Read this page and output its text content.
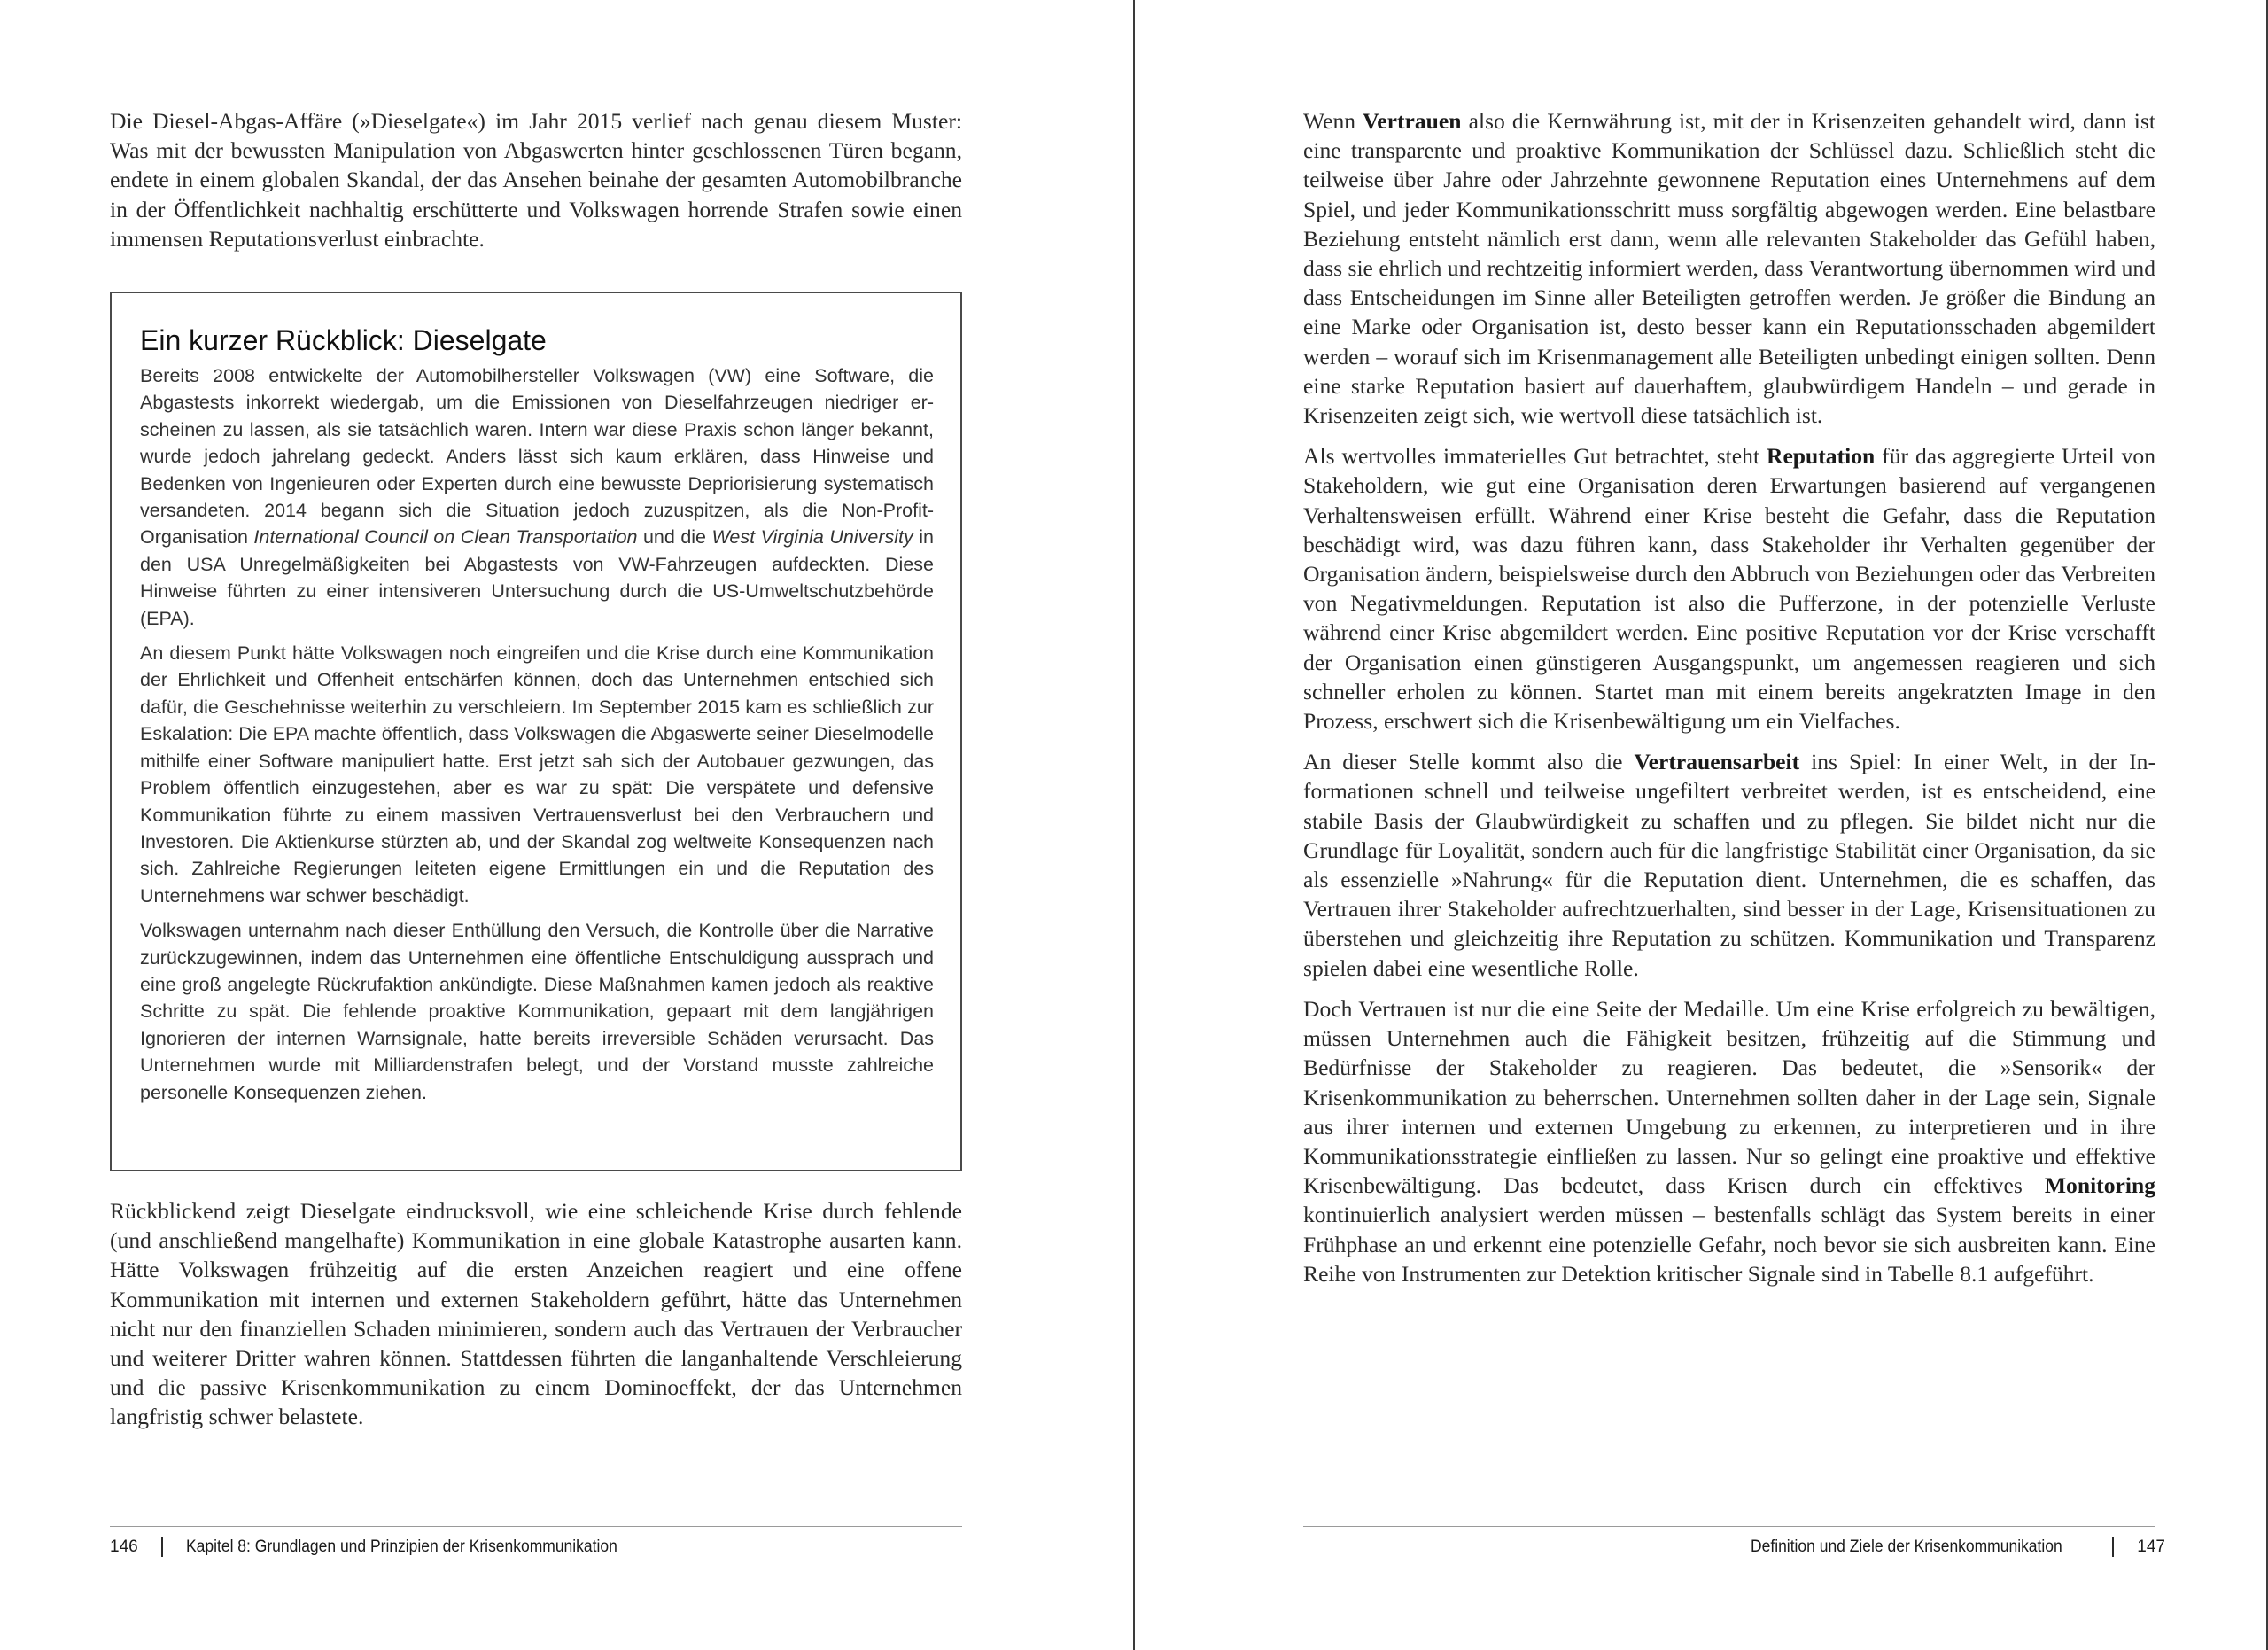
Die Diesel-Abgas-Affäre (»Dieselgate«) im Jahr 2015 verlief nach genau diesem Muster: Was mit der bewussten Manipulation von Abgaswerten hinter geschlossenen Türen begann, endete in einem globalen Skandal, der das Ansehen beinahe der gesamten Automobilbranche in der Öffentlichkeit nachhaltig erschütterte und Volkswagen horrende Strafen sowie einen immensen Reputationsverlust einbrachte.

Ein kurzer Rückblick: Dieselgate

Bereits 2008 entwickelte der Automobilhersteller Volkswagen (VW) eine Software, die Abgastests inkorrekt wiedergab, um die Emissionen von Dieselfahrzeugen niedriger erscheinen zu lassen, als sie tatsächlich waren. Intern war diese Praxis schon länger bekannt, wurde jedoch jahrelang gedeckt. Anders lässt sich kaum erklären, dass Hinweise und Bedenken von Ingenieuren oder Experten durch eine bewusste Depriorisierung systematisch versandeten. 2014 begann sich die Situation jedoch zuzuspitzen, als die Non-Profit-Organisation International Council on Clean Transportation und die West Virginia University in den USA Unregelmäßigkeiten bei Abgastests von VW-Fahrzeugen aufdeckten. Diese Hinweise führten zu einer intensiveren Untersuchung durch die US-Umweltschutzbehörde (EPA).

An diesem Punkt hätte Volkswagen noch eingreifen und die Krise durch eine Kommunikation der Ehrlichkeit und Offenheit entschärfen können, doch das Unternehmen entschied sich dafür, die Geschehnisse weiterhin zu verschleiern. Im September 2015 kam es schließlich zur Eskalation: Die EPA machte öffentlich, dass Volkswagen die Abgaswerte seiner Dieselmodelle mithilfe einer Software manipuliert hatte. Erst jetzt sah sich der Autobauer gezwungen, das Problem öffentlich einzugestehen, aber es war zu spät: Die verspätete und defensive Kommunikation führte zu einem massiven Vertrauensverlust bei den Verbrauchern und Investoren. Die Aktienkurse stürzten ab, und der Skandal zog weltweite Konsequenzen nach sich. Zahlreiche Regierungen leiteten eigene Ermittlungen ein und die Reputation des Unternehmens war schwer beschädigt.

Volkswagen unternahm nach dieser Enthüllung den Versuch, die Kontrolle über die Narrative zurückzugewinnen, indem das Unternehmen eine öffentliche Entschuldigung aussprach und eine groß angelegte Rückrufaktion ankündigte. Diese Maßnahmen kamen jedoch als reaktive Schritte zu spät. Die fehlende proaktive Kommunikation, gepaart mit dem langjährigen Ignorieren der internen Warnsignale, hatte bereits irreversible Schäden verursacht. Das Unternehmen wurde mit Milliardenstrafen belegt, und der Vorstand musste zahlreiche personelle Konsequenzen ziehen.

Rückblickend zeigt Dieselgate eindrucksvoll, wie eine schleichende Krise durch fehlende (und anschließend mangelhafte) Kommunikation in eine globale Katastrophe ausarten kann. Hätte Volkswagen frühzeitig auf die ersten Anzeichen reagiert und eine offene Kommunikation mit internen und externen Stakeholdern geführt, hätte das Unternehmen nicht nur den finanziellen Schaden minimieren, sondern auch das Vertrauen der Verbraucher und weiterer Dritter wahren können. Stattdessen führten die langanhaltende Verschleierung und die passive Krisenkommunikation zu einem Dominoeffekt, der das Unternehmen langfristig schwer belastete.

146	Kapitel 8: Grundlagen und Prinzipien der Krisenkommunikation

Wenn Vertrauen also die Kernwährung ist, mit der in Krisenzeiten gehandelt wird, dann ist eine transparente und proaktive Kommunikation der Schlüssel dazu. Schließlich steht die teilweise über Jahre oder Jahrzehnte gewonnene Reputation eines Unternehmens auf dem Spiel, und jeder Kommunikationsschritt muss sorgfältig abgewogen werden. Eine belastbare Beziehung entsteht nämlich erst dann, wenn alle relevanten Stakeholder das Gefühl haben, dass sie ehrlich und rechtzeitig informiert werden, dass Verantwortung übernommen wird und dass Entscheidungen im Sinne aller Beteiligten getroffen werden. Je größer die Bindung an eine Marke oder Organisation ist, desto besser kann ein Reputationsschaden abgemildert werden – worauf sich im Krisenmanagement alle Beteiligten unbedingt einigen sollten. Denn eine starke Reputation basiert auf dauerhaftem, glaubwürdigem Handeln – und gerade in Krisenzeiten zeigt sich, wie wertvoll diese tatsächlich ist.

Als wertvolles immaterielles Gut betrachtet, steht Reputation für das aggregierte Urteil von Stakeholdern, wie gut eine Organisation deren Erwartungen basierend auf vergangenen Verhaltensweisen erfüllt. Während einer Krise besteht die Gefahr, dass die Reputation beschädigt wird, was dazu führen kann, dass Stakeholder ihr Verhalten gegenüber der Organisation ändern, beispielsweise durch den Abbruch von Beziehungen oder das Verbreiten von Negativmeldungen. Reputation ist also die Pufferzone, in der potenzielle Verluste während einer Krise abgemildert werden. Eine positive Reputation vor der Krise verschafft der Organisation einen günstigeren Ausgangspunkt, um angemessen reagieren und sich schneller erholen zu können. Startet man mit einem bereits angekratzten Image in den Prozess, erschwert sich die Krisenbewältigung um ein Vielfaches.

An dieser Stelle kommt also die Vertrauensarbeit ins Spiel: In einer Welt, in der Informationen schnell und teilweise ungefiltert verbreitet werden, ist es entscheidend, eine stabile Basis der Glaubwürdigkeit zu schaffen und zu pflegen. Sie bildet nicht nur die Grundlage für Loyalität, sondern auch für die langfristige Stabilität einer Organisation, da sie als essenzielle »Nahrung« für die Reputation dient. Unternehmen, die es schaffen, das Vertrauen ihrer Stakeholder aufrechtzuerhalten, sind besser in der Lage, Krisensituationen zu überstehen und gleichzeitig ihre Reputation zu schützen. Kommunikation und Transparenz spielen dabei eine wesentliche Rolle.

Doch Vertrauen ist nur die eine Seite der Medaille. Um eine Krise erfolgreich zu bewältigen, müssen Unternehmen auch die Fähigkeit besitzen, frühzeitig auf die Stimmung und Bedürfnisse der Stakeholder zu reagieren. Das bedeutet, die »Sensorik« der Krisenkommunikation zu beherrschen. Unternehmen sollten daher in der Lage sein, Signale aus ihrer internen und externen Umgebung zu erkennen, zu interpretieren und in ihre Kommunikationsstrategie einfließen zu lassen. Nur so gelingt eine proaktive und effektive Krisenbewältigung. Das bedeutet, dass Krisen durch ein effektives Monitoring kontinuierlich analysiert werden müssen – bestenfalls schlägt das System bereits in einer Frühphase an und erkennt eine potenzielle Gefahr, noch bevor sie sich ausbreiten kann. Eine Reihe von Instrumenten zur Detektion kritischer Signale sind in Tabelle 8.1 aufgeführt.

Definition und Ziele der Krisenkommunikation	147
